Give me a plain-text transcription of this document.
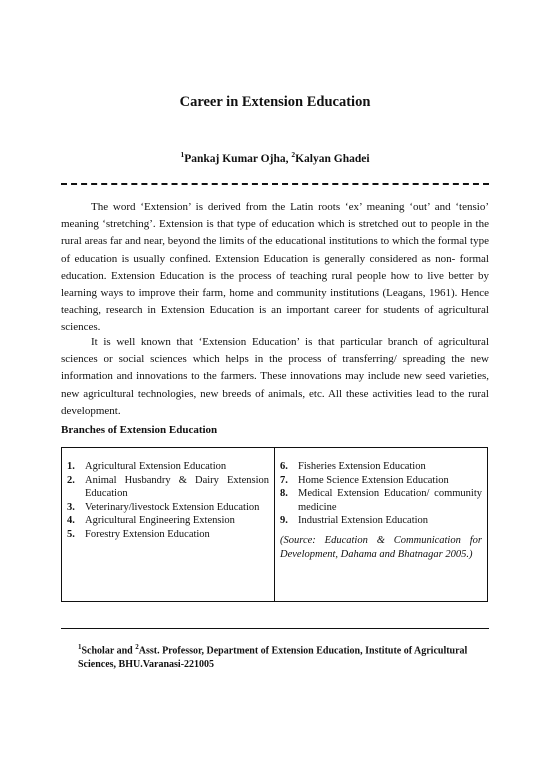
Career in Extension Education
$^1$Pankaj Kumar Ojha, $^2$Kalyan Ghadei

The word ‘Extension’ is derived from the Latin roots ‘ex’ meaning ‘out’ and ‘tensio’ meaning ‘stretching’. Extension is that type of education which is stretched out to people in the rural areas far and near, beyond the limits of the educational institutions to which the formal type of education is usually confined. Extension Education is generally considered as non- formal education. Extension Education is the process of teaching rural people how to live better by learning ways to improve their farm, home and community institutions (Leagans, 1961). Hence teaching, research in Extension Education is an important career for students of agricultural sciences.

It is well known that ‘Extension Education’ is that particular branch of agricultural sciences or social sciences which helps in the process of transferring/ spreading the new information and innovations to the farmers. These innovations may include new seed varieties, new agricultural technologies, new breeds of animals, etc. All these activities lead to the rural development.

Branches of Extension Education
1. Agricultural Extension Education
2. Animal Husbandry & Dairy Extension Education
3. Veterinary/livestock Extension Education
4. Agricultural Engineering Extension
5. Forestry Extension Education
6. Fisheries Extension Education
7. Home Science Extension Education
8. Medical Extension Education/ community medicine
9. Industrial Extension Education
(Source: Education & Communication for Development, Dahama and Bhatnagar 2005.)
$^1$Scholar and $^2$Asst. Professor, Department of Extension Education, Institute of Agricultural Sciences, BHU.Varanasi-221005
